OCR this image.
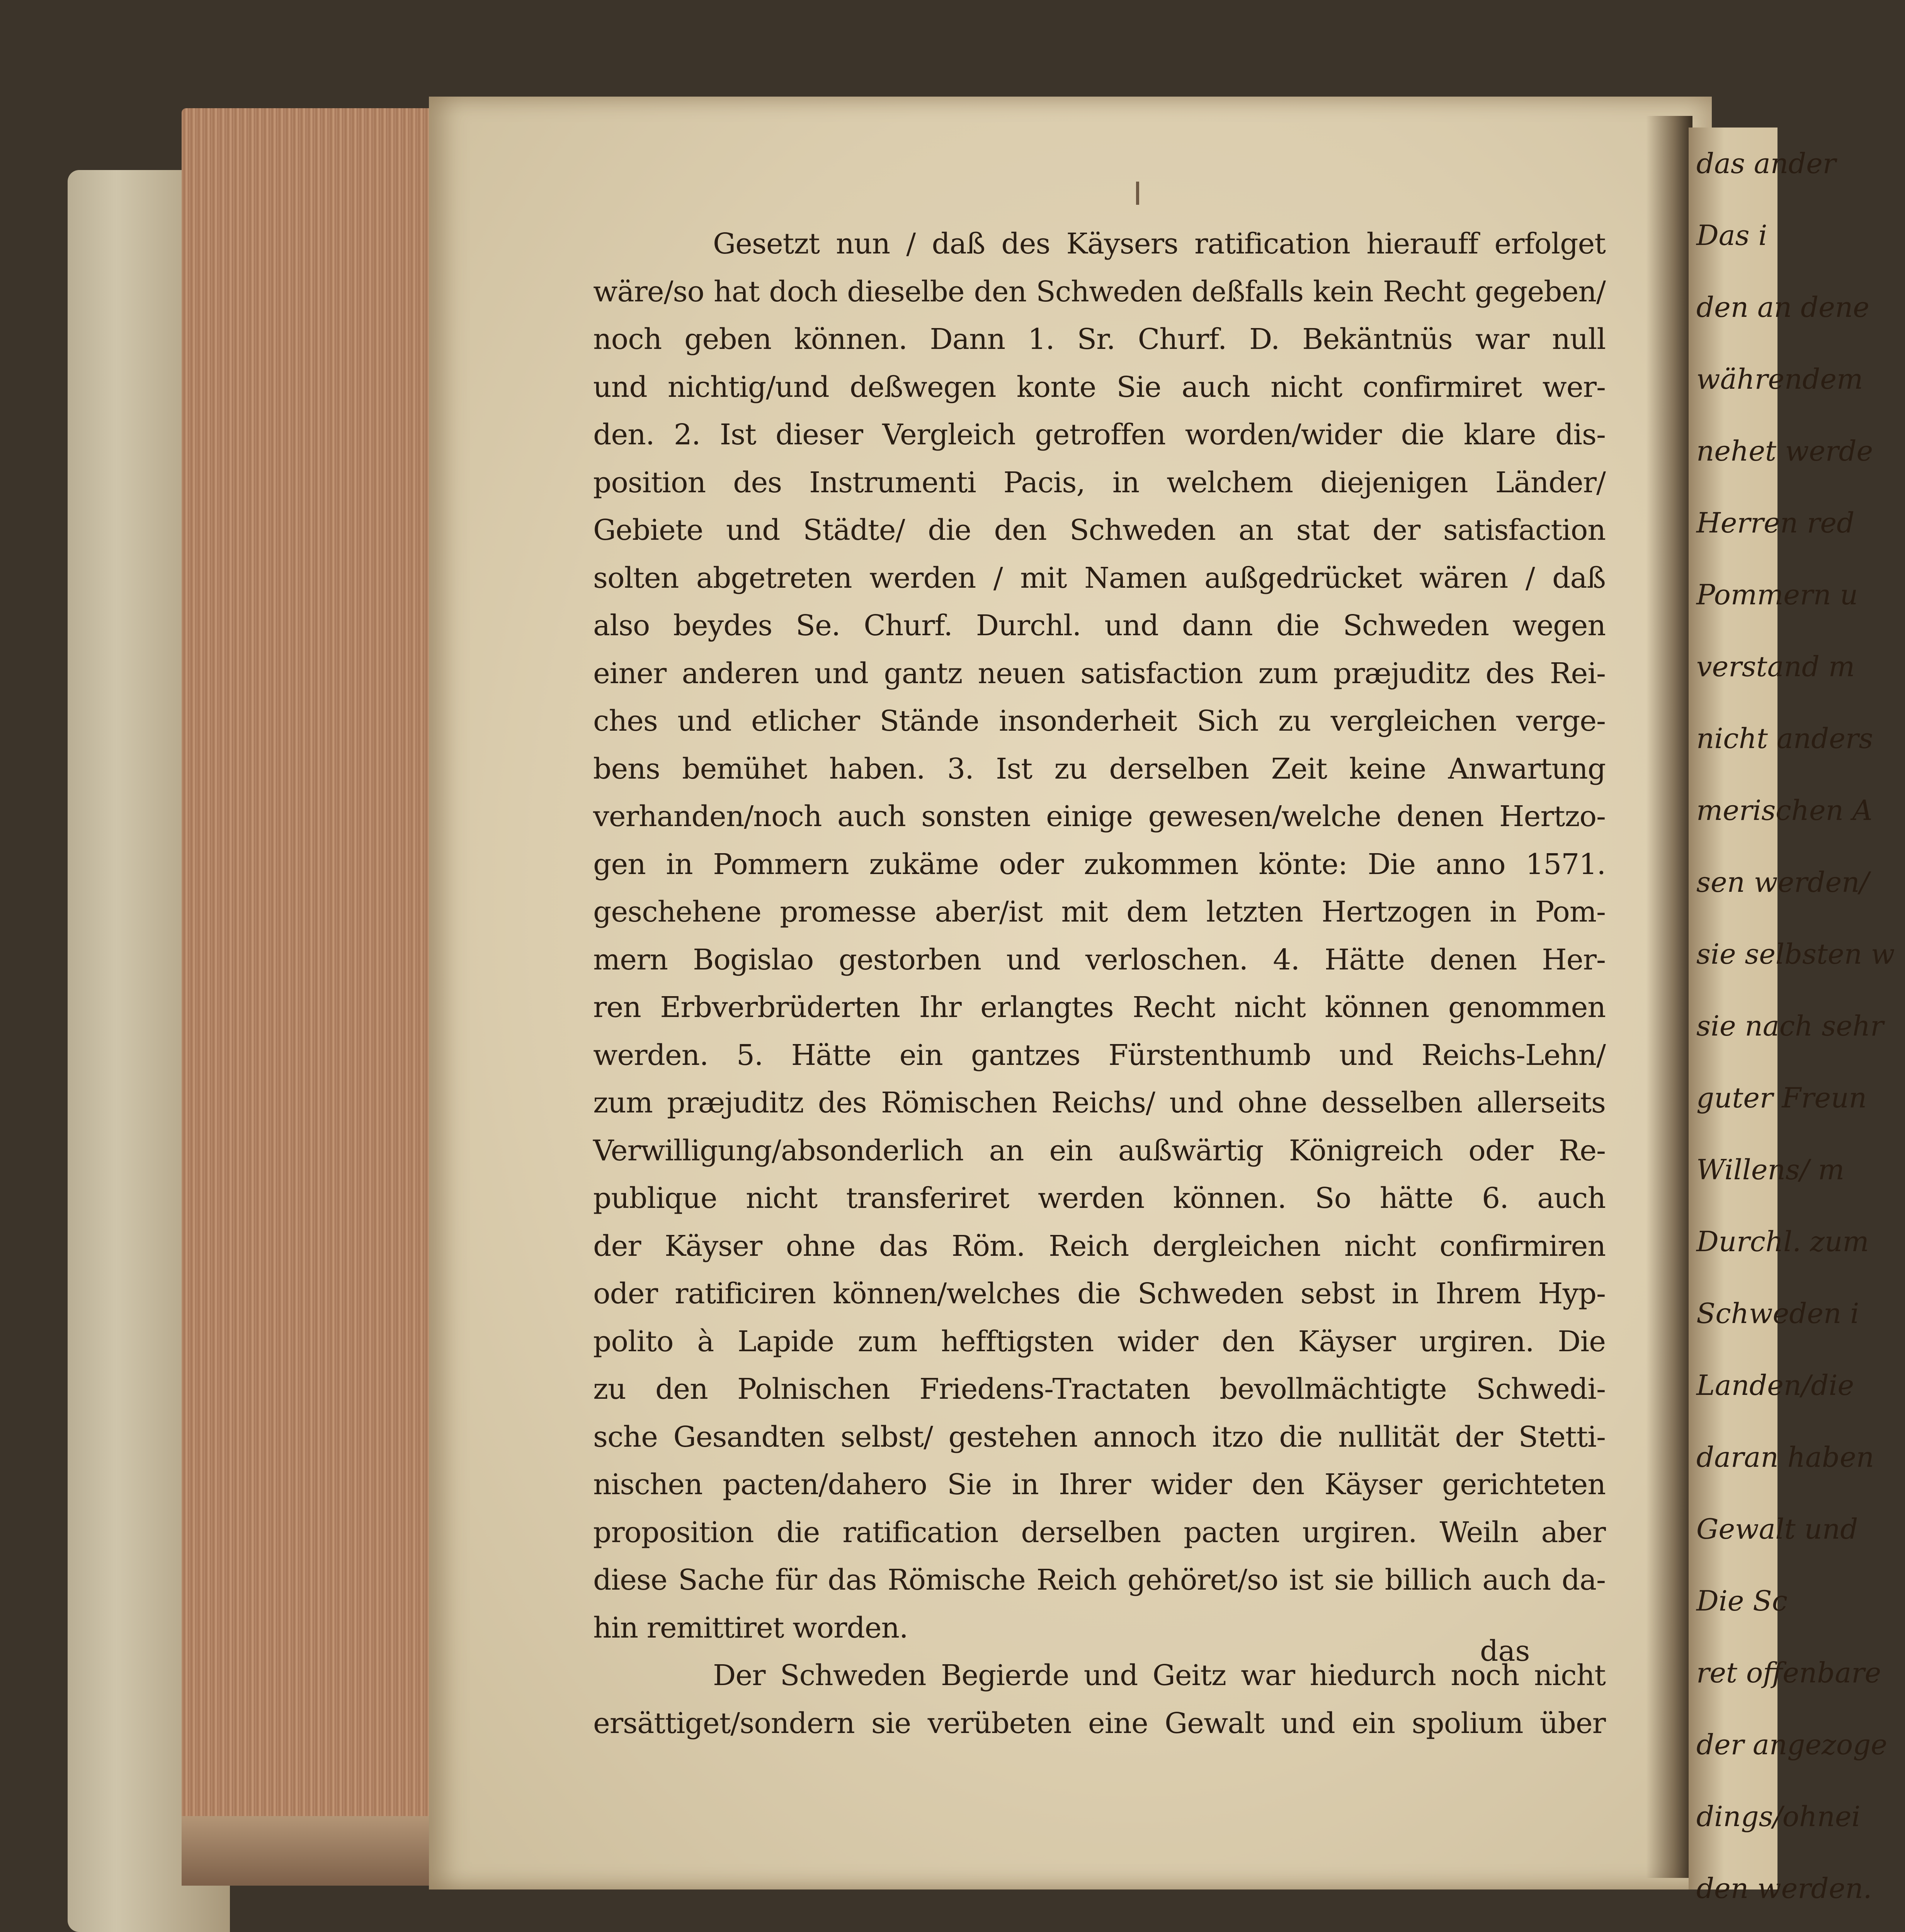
das ander
Das i
den an dene
währendem
nehet werde
Herren red
Pommern u
verstand m
nicht anders
merischen A
sen werden/
sie selbsten w
sie nach sehr
guter Freun
Willens/ m
Durchl. zum
Schweden i
Landen/die
daran haben
Gewalt und
Die Sc
ret offenbare
der angezoge
dings/ohnei
den werden.
Gesetzt nun / daß des Käysers ratification hierauff erfolget
wäre/so hat doch dieselbe den Schweden deßfalls kein Recht gegeben/
noch geben können. Dann 1. Sr. Churf. D. Bekäntnüs war null
und nichtig/und deßwegen konte Sie auch nicht confirmiret wer-
den. 2. Ist dieser Vergleich getroffen worden/wider die klare dis-
position des Instrumenti Pacis, in welchem diejenigen Länder/
Gebiete und Städte/ die den Schweden an stat der satisfaction
solten abgetreten werden / mit Namen außgedrücket wären / daß
also beydes Se. Churf. Durchl. und dann die Schweden wegen
einer anderen und gantz neuen satisfaction zum præjuditz des Rei-
ches und etlicher Stände insonderheit Sich zu vergleichen verge-
bens bemühet haben. 3. Ist zu derselben Zeit keine Anwartung
verhanden/noch auch sonsten einige gewesen/welche denen Hertzo-
gen in Pommern zukäme oder zukommen könte: Die anno 1571.
geschehene promesse aber/ist mit dem letzten Hertzogen in Pom-
mern Bogislao gestorben und verloschen. 4. Hätte denen Her-
ren Erbverbrüderten Ihr erlangtes Recht nicht können genommen
werden. 5. Hätte ein gantzes Fürstenthumb und Reichs-Lehn/
zum præjuditz des Römischen Reichs/ und ohne desselben allerseits
Verwilligung/absonderlich an ein außwärtig Königreich oder Re-
publique nicht transferiret werden können. So hätte 6. auch
der Käyser ohne das Röm. Reich dergleichen nicht confirmiren
oder ratificiren können/welches die Schweden sebst in Ihrem Hyp-
polito à Lapide zum hefftigsten wider den Käyser urgiren. Die
zu den Polnischen Friedens-Tractaten bevollmächtigte Schwedi-
sche Gesandten selbst/ gestehen annoch itzo die nullität der Stetti-
nischen pacten/dahero Sie in Ihrer wider den Käyser gerichteten
proposition die ratification derselben pacten urgiren. Weiln aber
diese Sache für das Römische Reich gehöret/so ist sie billich auch da-
hin remittiret worden.
Der Schweden Begierde und Geitz war hiedurch noch nicht
ersättiget/sondern sie verübeten eine Gewalt und ein spolium über
das
